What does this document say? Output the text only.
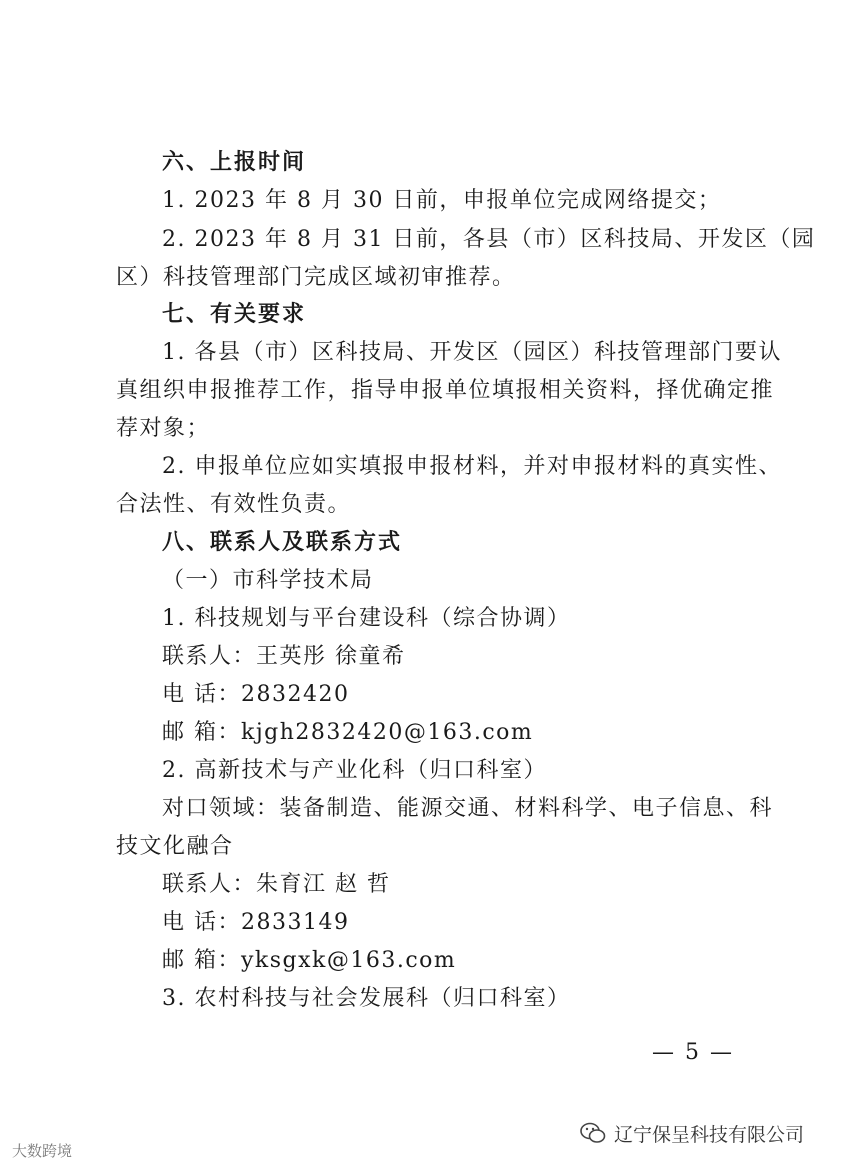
六、上报时间
1. 2023 年 8 月 30 日前，申报单位完成网络提交；
2. 2023 年 8 月 31 日前，各县（市）区科技局、开发区（园
区）科技管理部门完成区域初审推荐。
七、有关要求
1. 各县（市）区科技局、开发区（园区）科技管理部门要认
真组织申报推荐工作，指导申报单位填报相关资料，择优确定推
荐对象；
2. 申报单位应如实填报申报材料，并对申报材料的真实性、
合法性、有效性负责。
八、联系人及联系方式
（一）市科学技术局
1. 科技规划与平台建设科（综合协调）
联系人：王英彤 徐童希
电 话：2832420
邮 箱：kjgh2832420@163.com
2. 高新技术与产业化科（归口科室）
对口领域：装备制造、能源交通、材料科学、电子信息、科
技文化融合
联系人：朱育江 赵 哲
电 话：2833149
邮 箱：yksgxk@163.com
3. 农村科技与社会发展科（归口科室）
— 5 —
大数跨境
辽宁保呈科技有限公司
